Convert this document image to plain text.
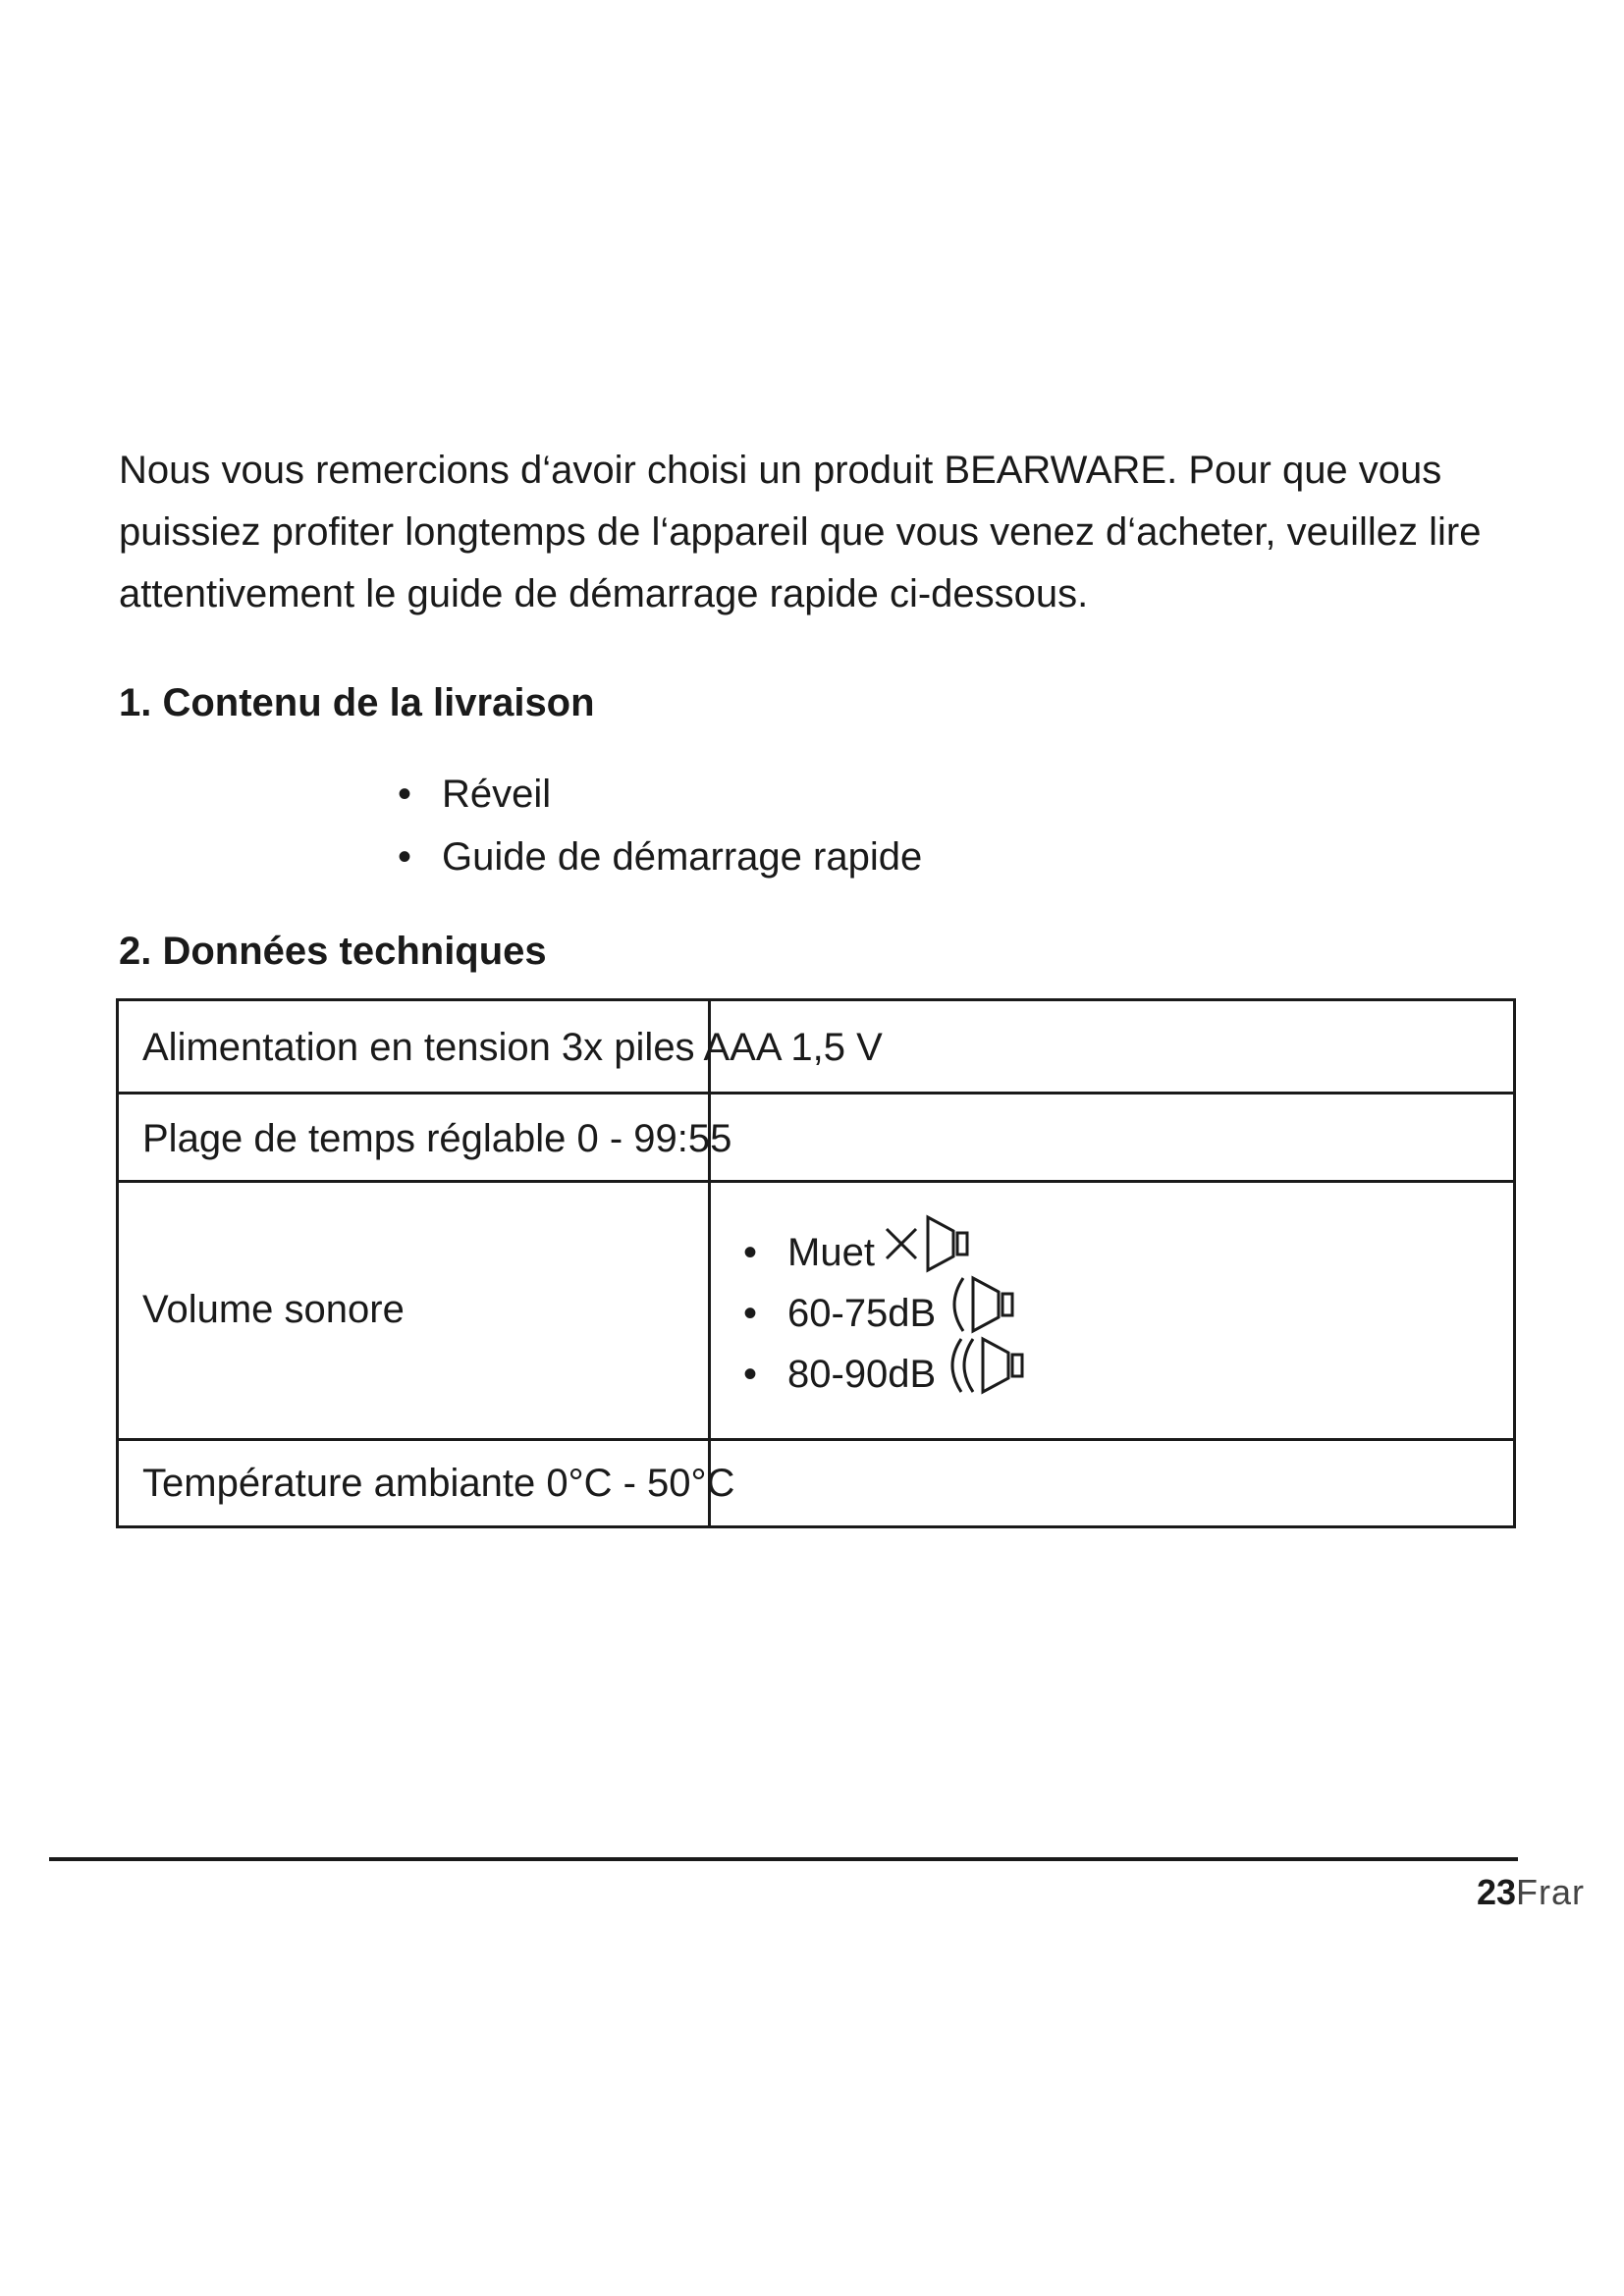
Nous vous remercions d‘avoir choisi un produit BEARWARE. Pour que vous puissiez profiter longtemps de l‘appareil que vous venez d‘acheter, veuillez lire attentivement le guide de démarrage rapide ci-dessous.

1. Contenu de la livraison
• Réveil
• Guide de démarrage rapide
2. Données techniques
Alimentation en tension 3x piles AAA 1,5 V
Plage de temps réglable 0 - 99:55
Volume sonore
• Muet
• 60-75dB
• 80-90dB
Température ambiante 0°C - 50°C
23Frar
